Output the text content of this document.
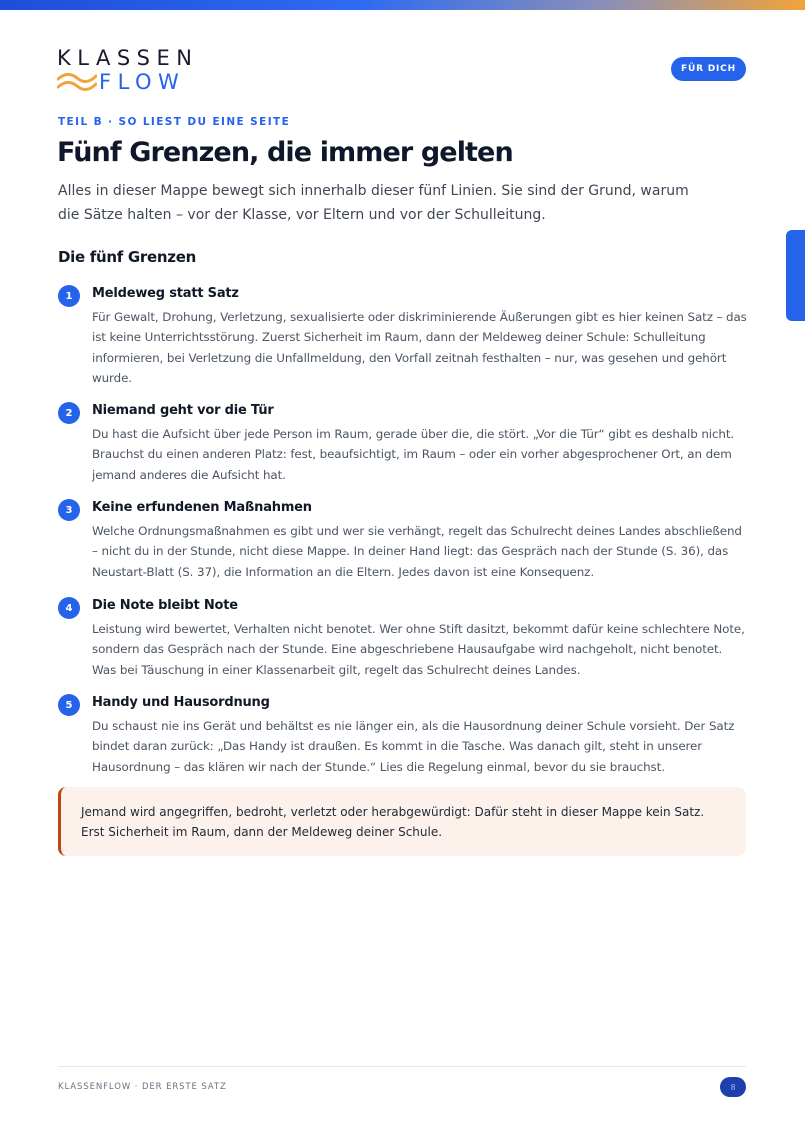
KLASSEN
FLOW
FÜR DICH
TEIL B · SO LIEST DU EINE SEITE
Fünf Grenzen, die immer gelten

Alles in dieser Mappe bewegt sich innerhalb dieser fünf Linien. Sie sind der Grund, warum die Sätze halten – vor der Klasse, vor Eltern und vor der Schulleitung.

Die fünf Grenzen
1	Meldeweg statt Satz

Für Gewalt, Drohung, Verletzung, sexualisierte oder diskriminierende Äußerungen gibt es hier keinen Satz – das ist keine Unterrichtsstörung. Zuerst Sicherheit im Raum, dann der Meldeweg deiner Schule: Schulleitung informieren, bei Verletzung die Unfallmeldung, den Vorfall zeitnah festhalten – nur, was gesehen und gehört wurde.

2	Niemand geht vor die Tür

Du hast die Aufsicht über jede Person im Raum, gerade über die, die stört. „Vor die Tür“ gibt es deshalb nicht. Brauchst du einen anderen Platz: fest, beaufsichtigt, im Raum – oder ein vorher abgesprochener Ort, an dem jemand anderes die Aufsicht hat.

3	Keine erfundenen Maßnahmen

Welche Ordnungsmaßnahmen es gibt und wer sie verhängt, regelt das Schulrecht deines Landes abschließend – nicht du in der Stunde, nicht diese Mappe. In deiner Hand liegt: das Gespräch nach der Stunde (S. 36), das Neustart-Blatt (S. 37), die Information an die Eltern. Jedes davon ist eine Konsequenz.

4	Die Note bleibt Note

Leistung wird bewertet, Verhalten nicht benotet. Wer ohne Stift dasitzt, bekommt dafür keine schlechtere Note, sondern das Gespräch nach der Stunde. Eine abgeschriebene Hausaufgabe wird nachgeholt, nicht benotet. Was bei Täuschung in einer Klassenarbeit gilt, regelt das Schulrecht deines Landes.

5	Handy und Hausordnung

Du schaust nie ins Gerät und behältst es nie länger ein, als die Hausordnung deiner Schule vorsieht. Der Satz bindet daran zurück: „Das Handy ist draußen. Es kommt in die Tasche. Was danach gilt, steht in unserer Hausordnung – das klären wir nach der Stunde.“ Lies die Regelung einmal, bevor du sie brauchst.

Jemand wird angegriffen, bedroht, verletzt oder herabgewürdigt: Dafür steht in dieser Mappe kein Satz. Erst Sicherheit im Raum, dann der Meldeweg deiner Schule.

KLASSENFLOW · DER ERSTE SATZ	8
